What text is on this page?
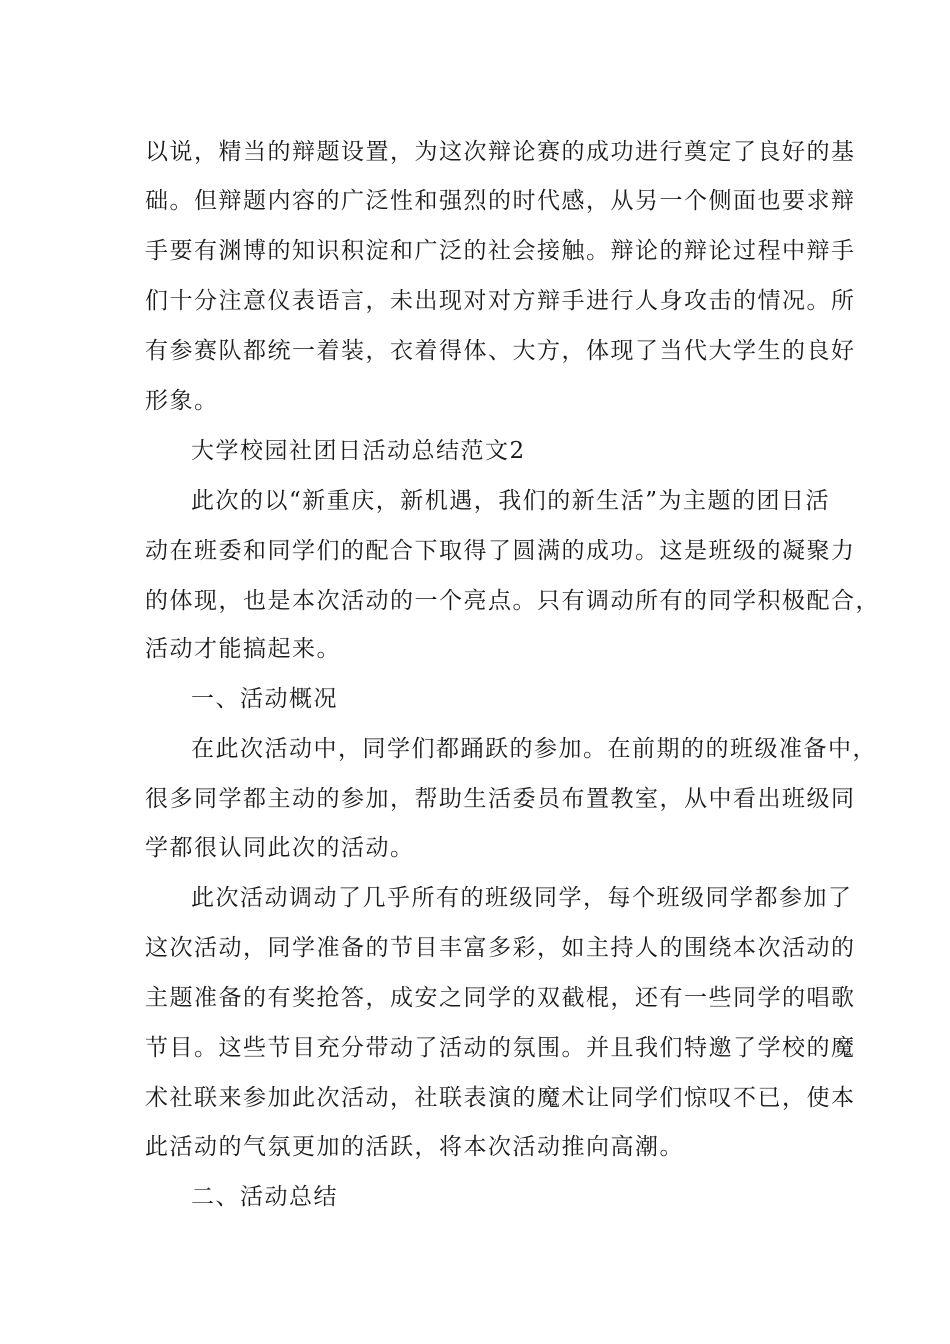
以说，精当的辩题设置，为这次辩论赛的成功进行奠定了良好的基
础。但辩题内容的广泛性和强烈的时代感，从另一个侧面也要求辩
手要有渊博的知识积淀和广泛的社会接触。辩论的辩论过程中辩手
们十分注意仪表语言，未出现对对方辩手进行人身攻击的情况。所
有参赛队都统一着装，衣着得体、大方，体现了当代大学生的良好
形象。
大学校园社团日活动总结范文2
此次的以“新重庆，新机遇，我们的新生活”为主题的团日活
动在班委和同学们的配合下取得了圆满的成功。这是班级的凝聚力
的体现，也是本次活动的一个亮点。只有调动所有的同学积极配合，
活动才能搞起来。
一、活动概况
在此次活动中，同学们都踊跃的参加。在前期的的班级准备中，
很多同学都主动的参加，帮助生活委员布置教室，从中看出班级同
学都很认同此次的活动。
此次活动调动了几乎所有的班级同学，每个班级同学都参加了
这次活动，同学准备的节目丰富多彩，如主持人的围绕本次活动的
主题准备的有奖抢答，成安之同学的双截棍，还有一些同学的唱歌
节目。这些节目充分带动了活动的氛围。并且我们特邀了学校的魔
术社联来参加此次活动，社联表演的魔术让同学们惊叹不已，使本
此活动的气氛更加的活跃，将本次活动推向高潮。
二、活动总结
